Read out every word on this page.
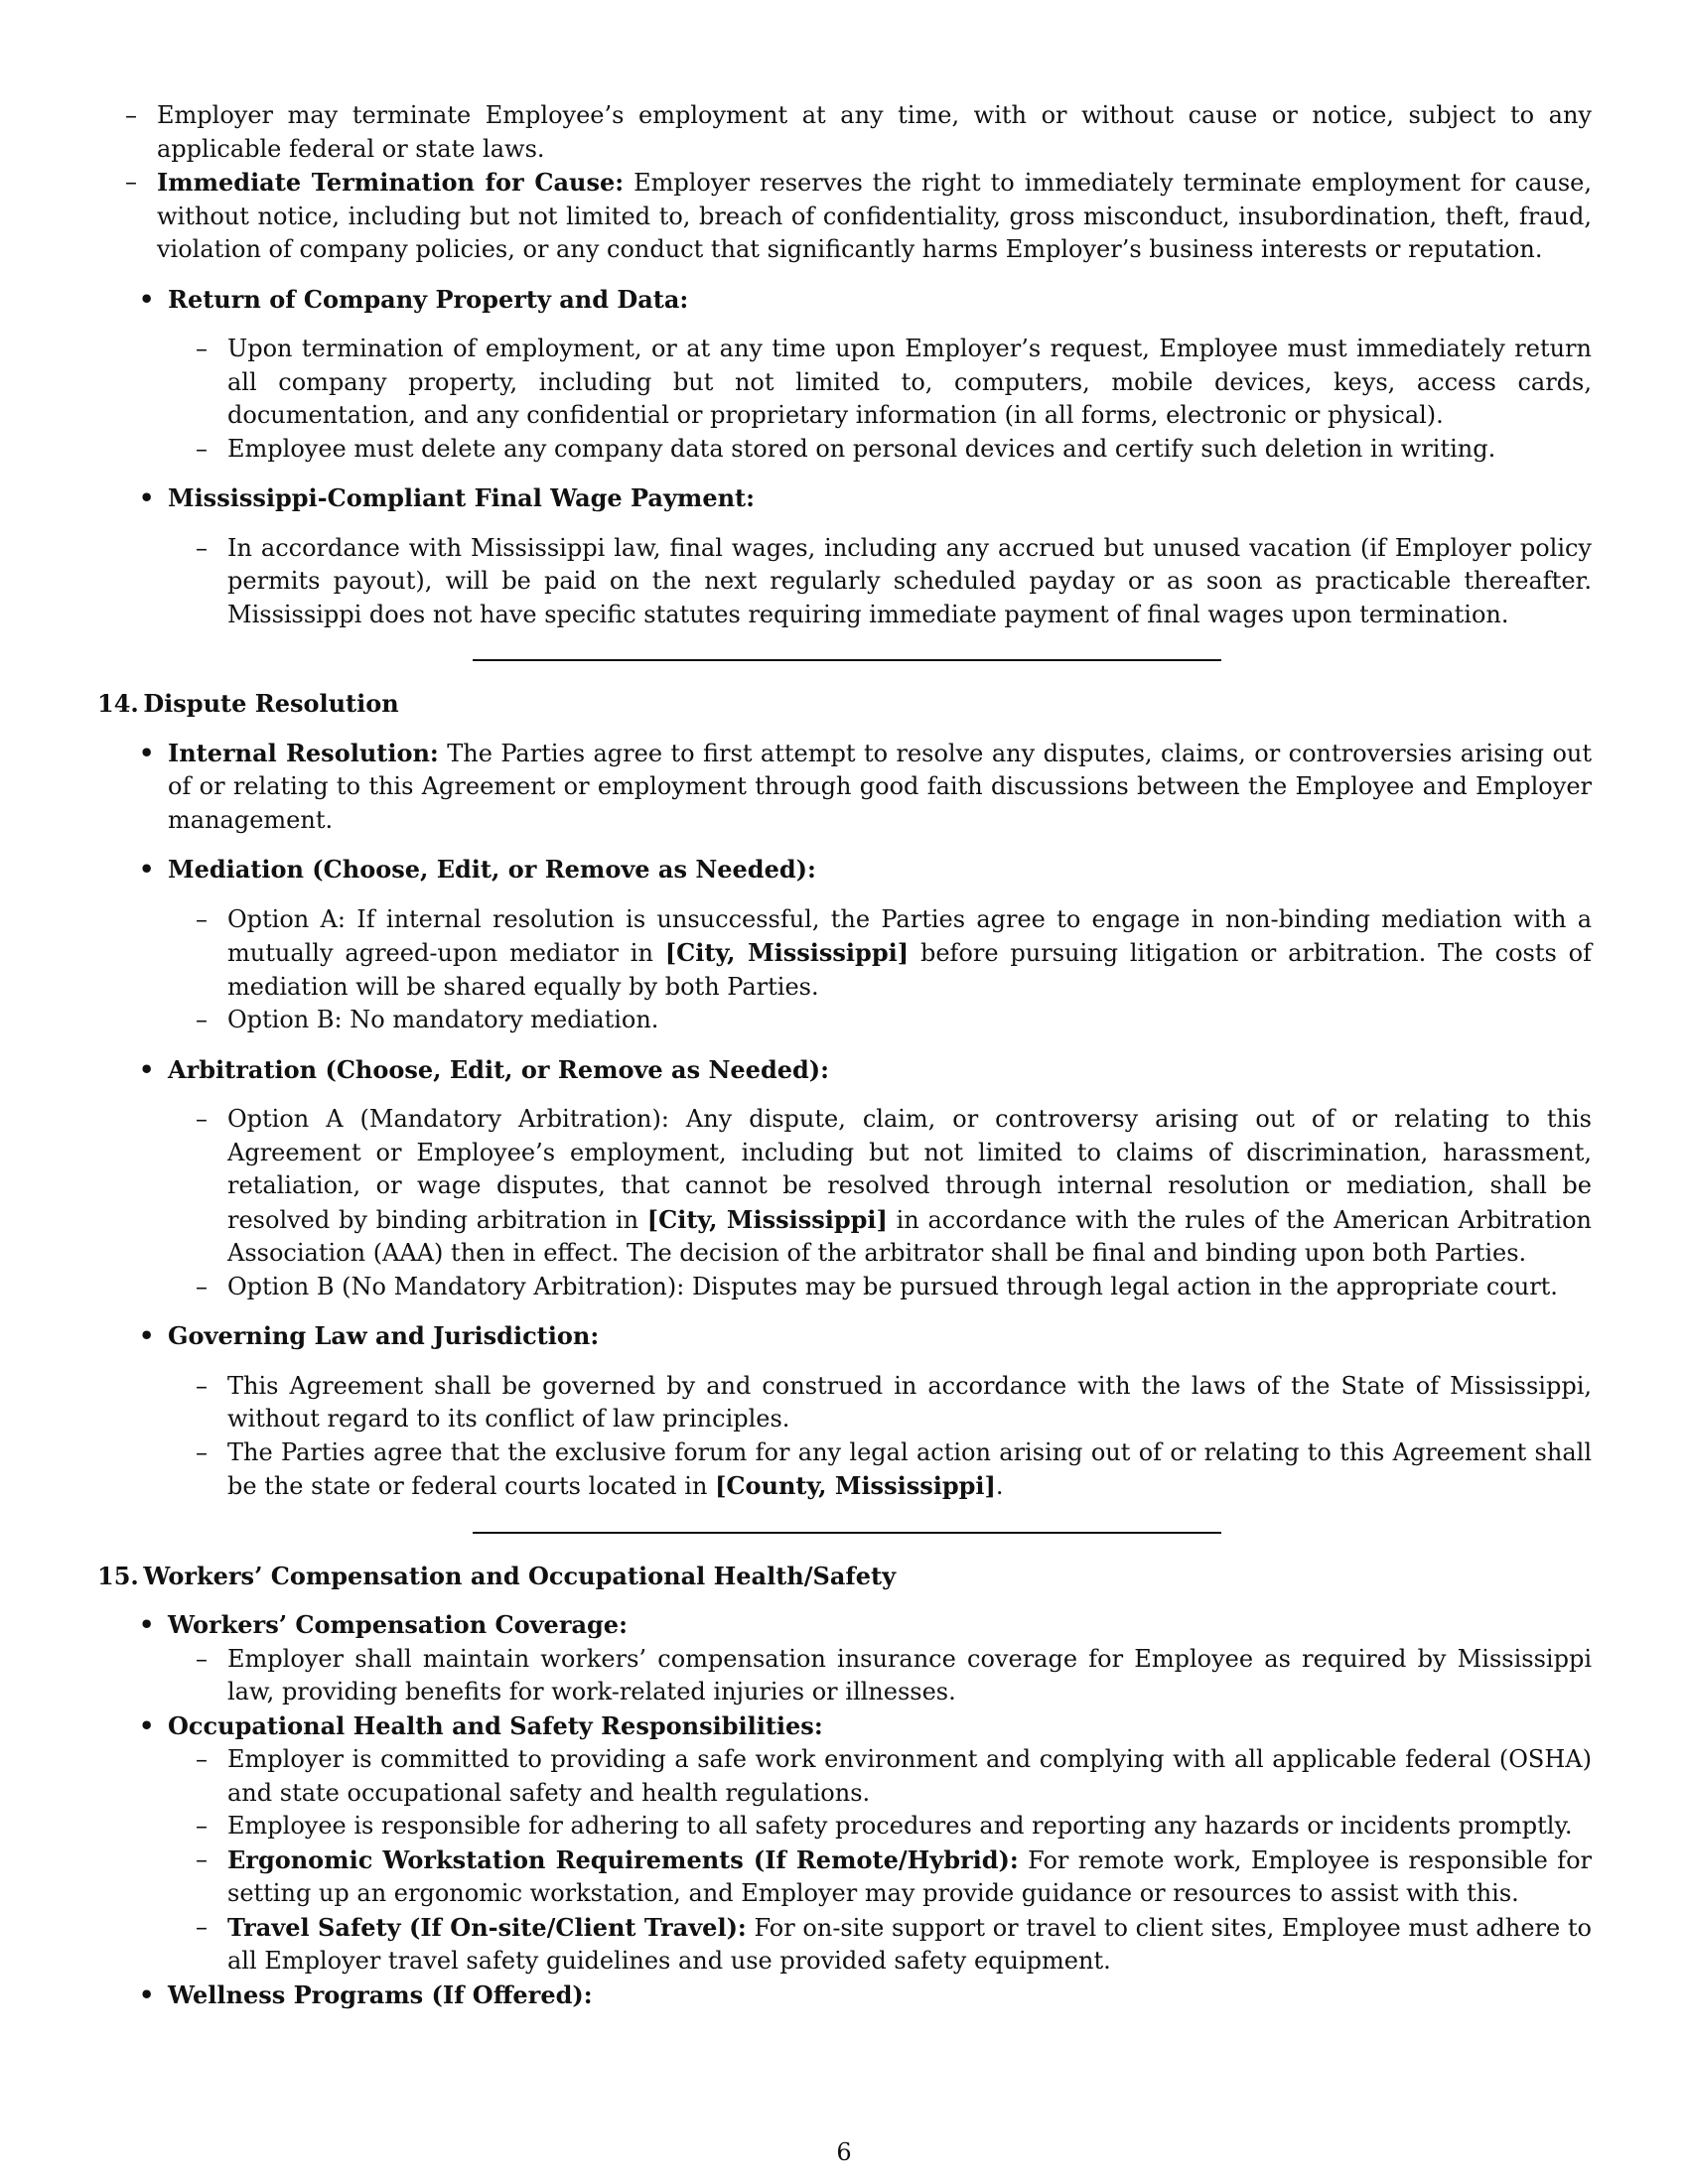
– Employer may terminate Employee’s employment at any time, with or without cause or notice, subject to any applicable federal or state laws.
– Immediate Termination for Cause: Employer reserves the right to immediately terminate employment for cause, without notice, including but not limited to, breach of confidentiality, gross misconduct, insubordination, theft, fraud, violation of company policies, or any conduct that significantly harms Employer’s business interests or reputation.
• Return of Company Property and Data:
– Upon termination of employment, or at any time upon Employer’s request, Employee must immediately return all company property, including but not limited to, computers, mobile devices, keys, access cards, documentation, and any confidential or proprietary information (in all forms, electronic or physical).
– Employee must delete any company data stored on personal devices and certify such deletion in writing.
• Mississippi-Compliant Final Wage Payment:
– In accordance with Mississippi law, final wages, including any accrued but unused vacation (if Employer policy permits payout), will be paid on the next regularly scheduled payday or as soon as practicable thereafter. Mississippi does not have specific statutes requiring immediate payment of final wages upon termination.
14. Dispute Resolution
• Internal Resolution: The Parties agree to first attempt to resolve any disputes, claims, or controversies arising out of or relating to this Agreement or employment through good faith discussions between the Employee and Employer management.
• Mediation (Choose, Edit, or Remove as Needed):
– Option A: If internal resolution is unsuccessful, the Parties agree to engage in non-binding mediation with a mutually agreed-upon mediator in [City, Mississippi] before pursuing litigation or arbitration. The costs of mediation will be shared equally by both Parties.
– Option B: No mandatory mediation.
• Arbitration (Choose, Edit, or Remove as Needed):
– Option A (Mandatory Arbitration): Any dispute, claim, or controversy arising out of or relating to this Agreement or Employee’s employment, including but not limited to claims of discrimination, harassment, retaliation, or wage disputes, that cannot be resolved through internal resolution or mediation, shall be resolved by binding arbitration in [City, Mississippi] in accordance with the rules of the American Arbitration Association (AAA) then in effect. The decision of the arbitrator shall be final and binding upon both Parties.
– Option B (No Mandatory Arbitration): Disputes may be pursued through legal action in the appropriate court.
• Governing Law and Jurisdiction:
– This Agreement shall be governed by and construed in accordance with the laws of the State of Mississippi, without regard to its conflict of law principles.
– The Parties agree that the exclusive forum for any legal action arising out of or relating to this Agreement shall be the state or federal courts located in [County, Mississippi].
15. Workers’ Compensation and Occupational Health/Safety
• Workers’ Compensation Coverage:
– Employer shall maintain workers’ compensation insurance coverage for Employee as required by Mississippi law, providing benefits for work-related injuries or illnesses.
• Occupational Health and Safety Responsibilities:
– Employer is committed to providing a safe work environment and complying with all applicable federal (OSHA) and state occupational safety and health regulations.
– Employee is responsible for adhering to all safety procedures and reporting any hazards or incidents promptly.
– Ergonomic Workstation Requirements (If Remote/Hybrid): For remote work, Employee is responsible for setting up an ergonomic workstation, and Employer may provide guidance or resources to assist with this.
– Travel Safety (If On-site/Client Travel): For on-site support or travel to client sites, Employee must adhere to all Employer travel safety guidelines and use provided safety equipment.
• Wellness Programs (If Offered):
6
